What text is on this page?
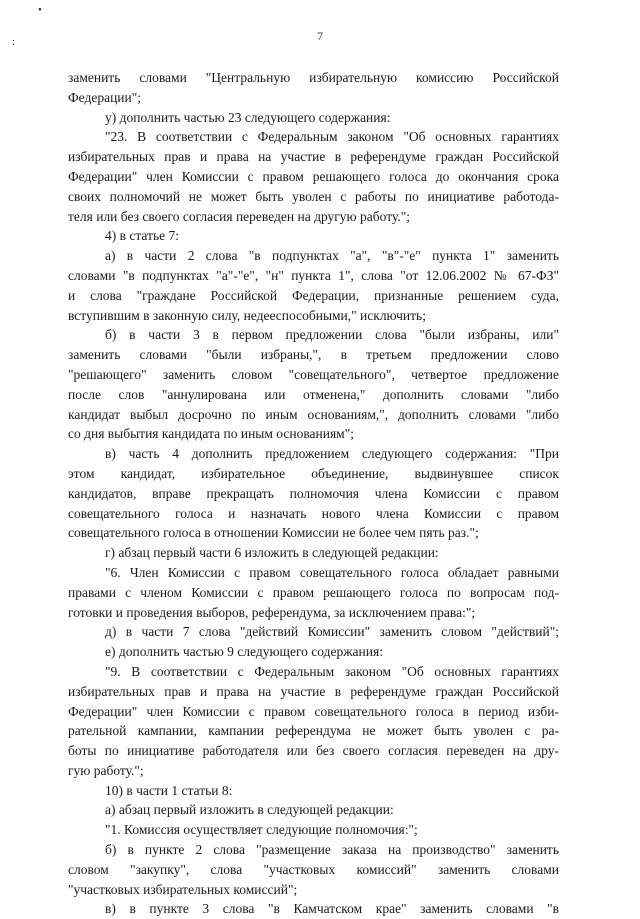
•
:	7
заменить словами "Центральную избирательную комиссию Российской
Федерации";
у) дополнить частью 23 следующего содержания:
"23. В соответствии с Федеральным законом "Об основных гарантиях
избирательных прав и права на участие в референдуме граждан Российской
Федерации" член Комиссии с правом решающего голоса до окончания срока
своих полномочий не может быть уволен с работы по инициативе работода-
теля или без своего согласия переведен на другую работу.";
4) в статье 7:
а) в части 2 слова "в подпунктах "а", "в"-"е" пункта 1" заменить
словами "в подпунктах "а"-"е", "н" пункта 1", слова "от 12.06.2002 № 67-ФЗ"
и слова "граждане Российской Федерации, признанные решением суда,
вступившим в законную силу, недееспособными," исключить;
б) в части 3 в первом предложении слова "были избраны, или"
заменить словами "были избраны,", в третьем предложении слово
"решающего" заменить словом "совещательного", четвертое предложение
после слов "аннулирована или отменена," дополнить словами "либо
кандидат выбыл досрочно по иным основаниям,", дополнить словами "либо
со дня выбытия кандидата по иным основаниям";
в) часть 4 дополнить предложением следующего содержания: "При
этом кандидат, избирательное объединение, выдвинувшее список
кандидатов, вправе прекращать полномочия члена Комиссии с правом
совещательного голоса и назначать нового члена Комиссии с правом
совещательного голоса в отношении Комиссии не более чем пять раз.";
г) абзац первый части 6 изложить в следующей редакции:
"6. Член Комиссии с правом совещательного голоса обладает равными
правами с членом Комиссии с правом решающего голоса по вопросам под-
готовки и проведения выборов, референдума, за исключением права:";
д) в части 7 слова "действий Комиссии" заменить словом "действий";
е) дополнить частью 9 следующего содержания:
"9. В соответствии с Федеральным законом "Об основных гарантиях
избирательных прав и права на участие в референдуме граждан Российской
Федерации" член Комиссии с правом совещательного голоса в период изби-
рательной кампании, кампании референдума не может быть уволен с ра-
боты по инициативе работодателя или без своего согласия переведен на дру-
гую работу.";
10) в части 1 статьи 8:
а) абзац первый изложить в следующей редакции:
"1. Комиссия осуществляет следующие полномочия:";
б) в пункте 2 слова "размещение заказа на производство" заменить
словом "закупку", слова "участковых комиссий" заменить словами
"участковых избирательных комиссий";
в) в пункте 3 слова "в Камчатском крае" заменить словами "в
